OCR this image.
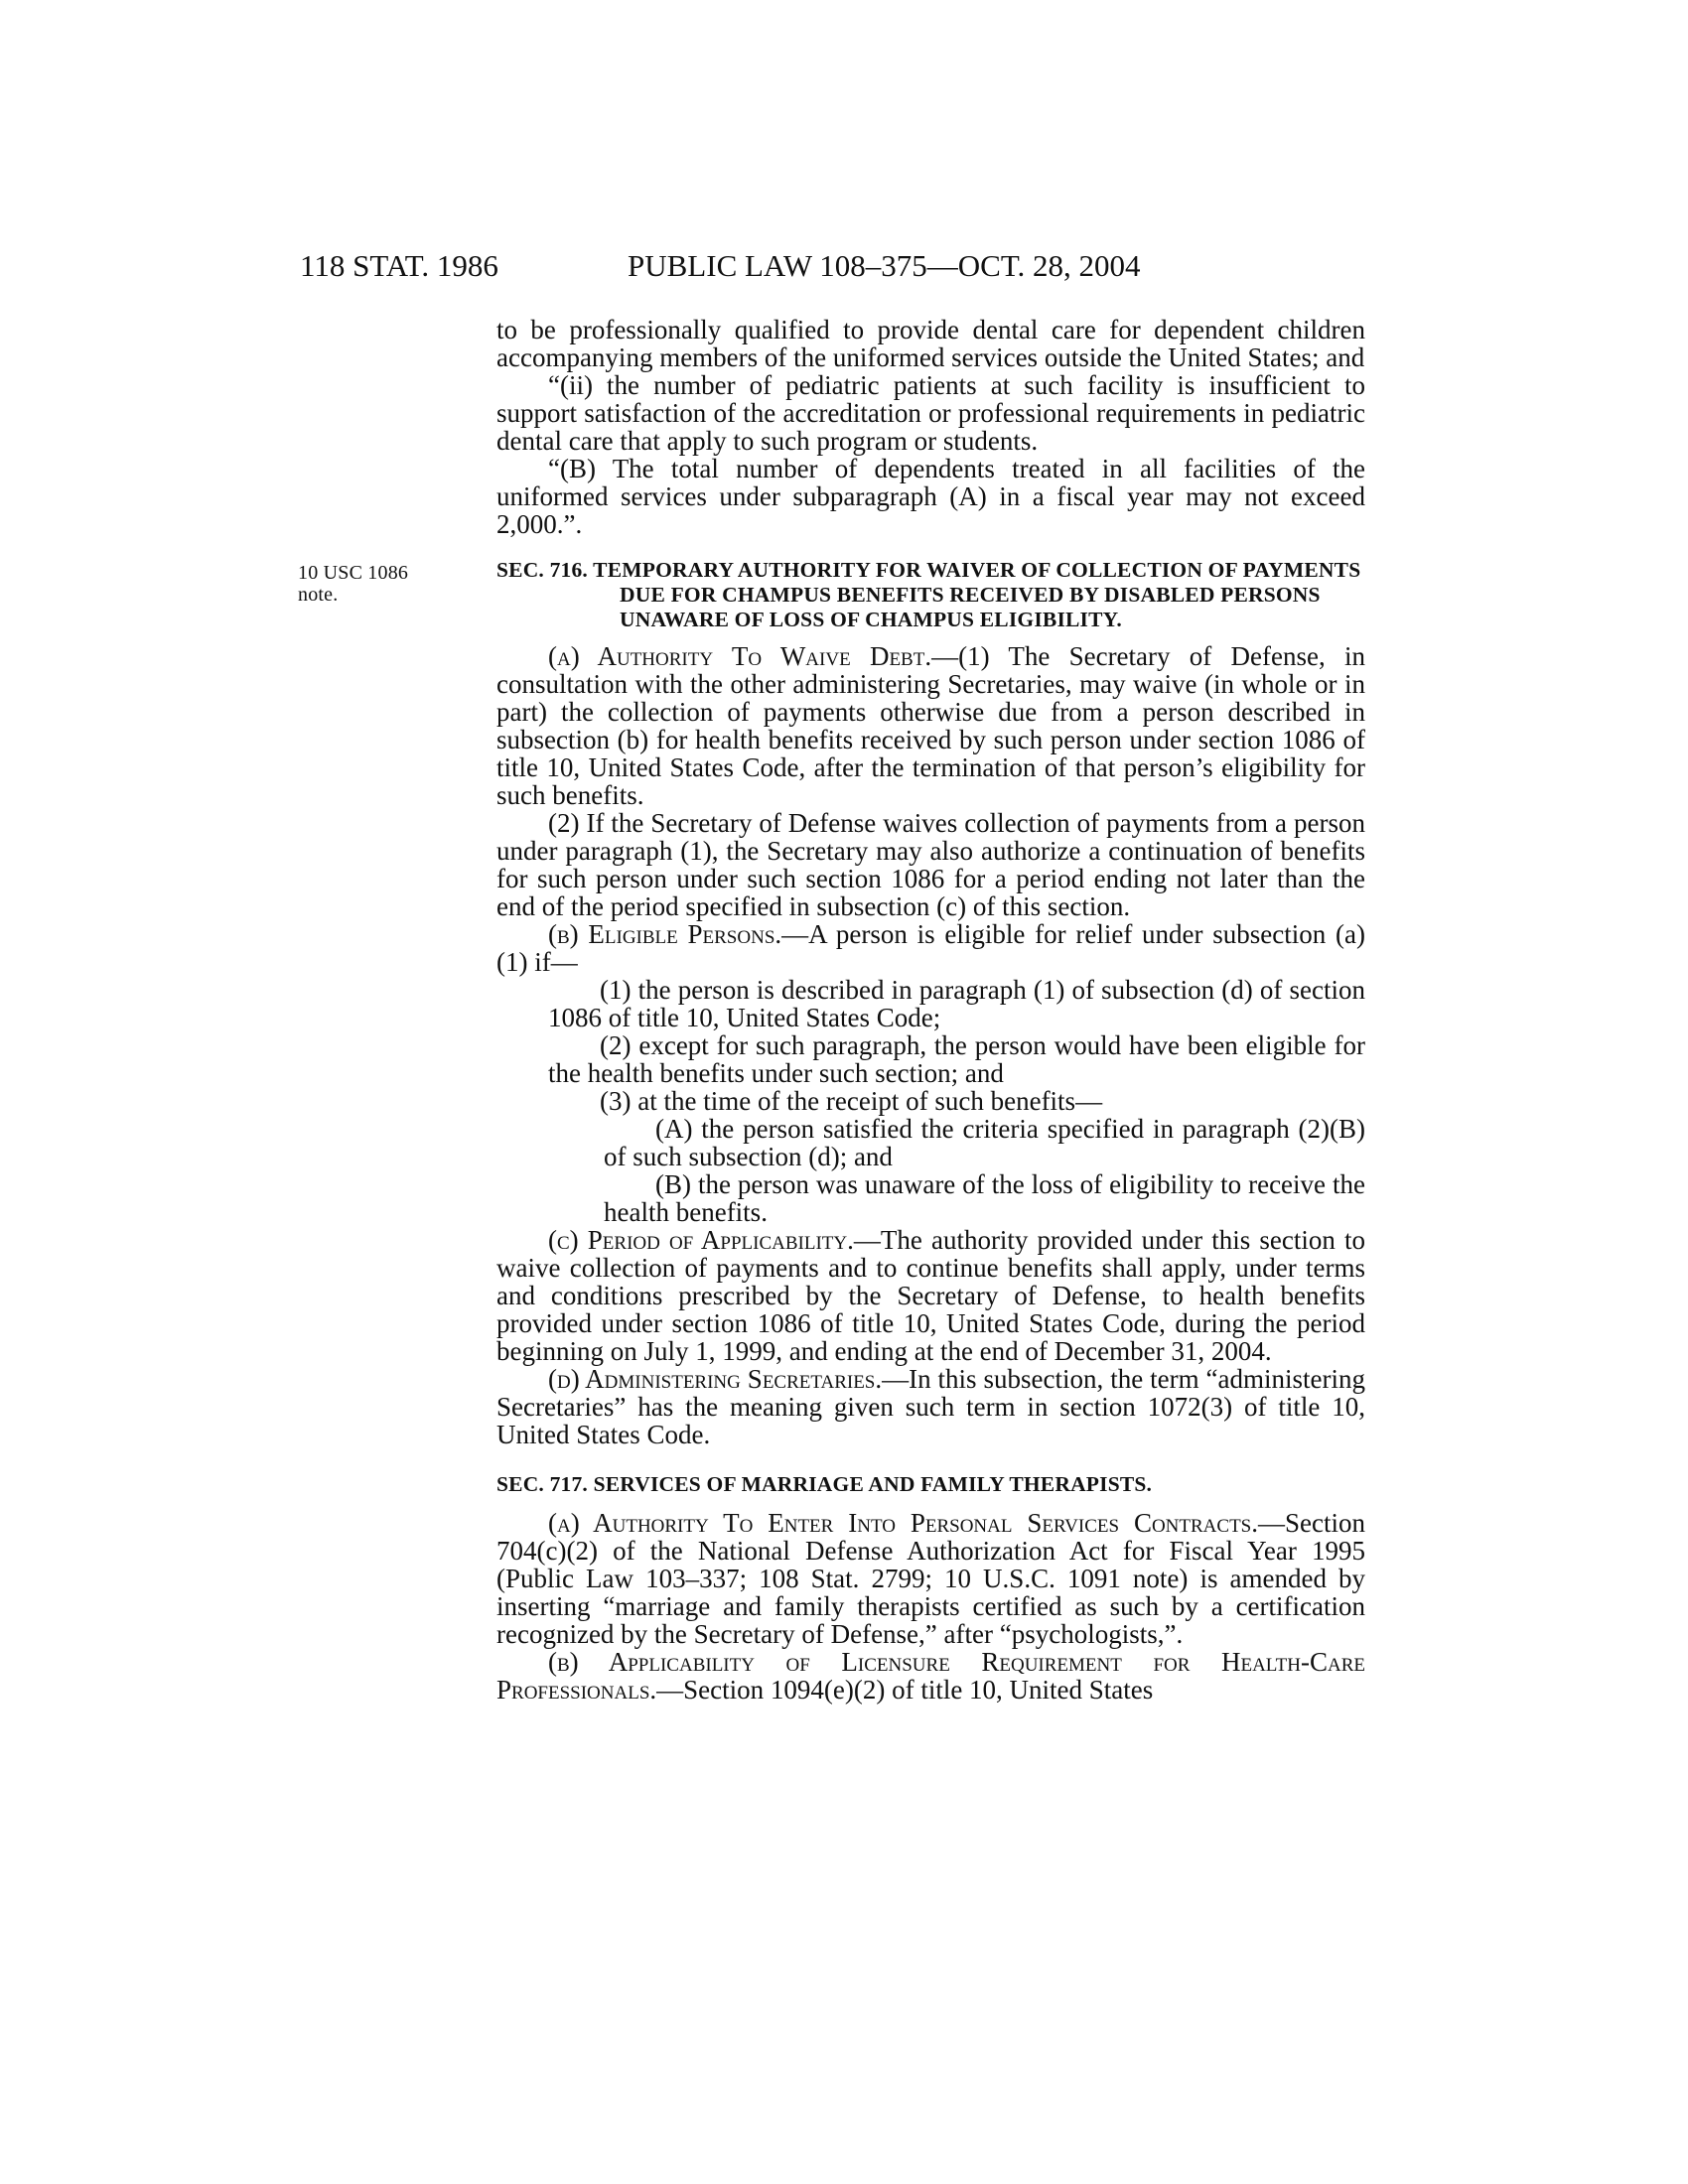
118 STAT. 1986	PUBLIC LAW 108–375—OCT. 28, 2004

to be professionally qualified to provide dental care for dependent children accompanying members of the uniformed services outside the United States; and

“(ii) the number of pediatric patients at such facility is insufficient to support satisfaction of the accreditation or professional requirements in pediatric dental care that apply to such program or students.

“(B) The total number of dependents treated in all facilities of the uniformed services under subparagraph (A) in a fiscal year may not exceed 2,000.”.

10 USC 1086
note.
SEC. 716. TEMPORARY AUTHORITY FOR WAIVER OF COLLECTION OF PAYMENTS DUE FOR CHAMPUS BENEFITS RECEIVED BY DISABLED PERSONS UNAWARE OF LOSS OF CHAMPUS ELIGIBILITY.

(a) Authority To Waive Debt.—(1) The Secretary of Defense, in consultation with the other administering Secretaries, may waive (in whole or in part) the collection of payments otherwise due from a person described in subsection (b) for health benefits received by such person under section 1086 of title 10, United States Code, after the termination of that person’s eligibility for such benefits.

(2) If the Secretary of Defense waives collection of payments from a person under paragraph (1), the Secretary may also authorize a continuation of benefits for such person under such section 1086 for a period ending not later than the end of the period specified in subsection (c) of this section.

(b) Eligible Persons.—A person is eligible for relief under subsection (a)(1) if—

(1) the person is described in paragraph (1) of subsection (d) of section 1086 of title 10, United States Code;

(2) except for such paragraph, the person would have been eligible for the health benefits under such section; and

(3) at the time of the receipt of such benefits—

(A) the person satisfied the criteria specified in paragraph (2)(B) of such subsection (d); and

(B) the person was unaware of the loss of eligibility to receive the health benefits.

(c) Period of Applicability.—The authority provided under this section to waive collection of payments and to continue benefits shall apply, under terms and conditions prescribed by the Secretary of Defense, to health benefits provided under section 1086 of title 10, United States Code, during the period beginning on July 1, 1999, and ending at the end of December 31, 2004.

(d) Administering Secretaries.—In this subsection, the term “administering Secretaries” has the meaning given such term in section 1072(3) of title 10, United States Code.

SEC. 717. SERVICES OF MARRIAGE AND FAMILY THERAPISTS.

(a) Authority To Enter Into Personal Services Contracts.—Section 704(c)(2) of the National Defense Authorization Act for Fiscal Year 1995 (Public Law 103–337; 108 Stat. 2799; 10 U.S.C. 1091 note) is amended by inserting “marriage and family therapists certified as such by a certification recognized by the Secretary of Defense,” after “psychologists,”.

(b) Applicability of Licensure Requirement for Health-Care Professionals.—Section 1094(e)(2) of title 10, United States
